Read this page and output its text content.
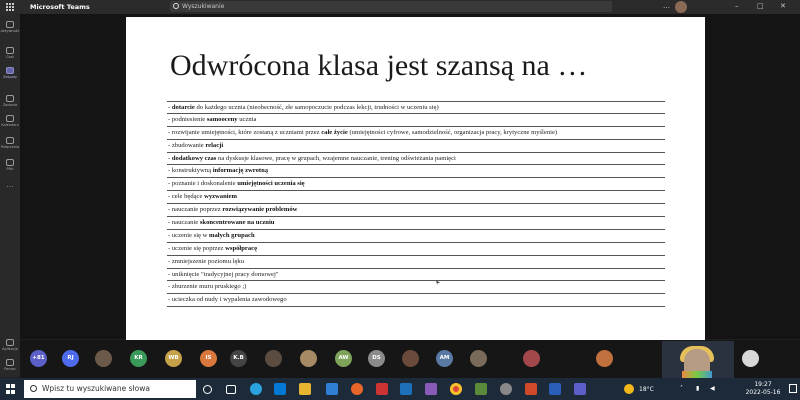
Microsoft Teams	Wyszukiwanie	…	–	□ ✕
Aktywność
Czat
Zespoły
Zadania
Kalendarz
Połączenia
Pliki
…
Aplikacje
Pomoc
Odwrócona klasa jest szansą na …
- dotarcie do każdego ucznia (nieobecność, złe samopoczucie podczas lekcji, trudności w uczeniu się)
- podniesienie samooceny ucznia
- rozwijanie umiejętności, które zostaną z uczniami przez całe życie (umiejętności cyfrowe, samodzielność, organizacja pracy, krytyczne myślenie)
- zbudowanie relacji
- dodatkowy czas na dyskusje klasowe, pracę w grupach, wzajemne nauczanie, trening odświeżania pamięci
- konstruktywną informację zwrotną
- poznanie i doskonalenie umiejętności uczenia się
- cele będące wyzwaniem
- nauczanie poprzez rozwiązywanie problemów
- nauczanie skoncentrowane na uczniu
- uczenie się w małych grupach
- uczenie się poprzez współpracę
- zmniejszenie poziomu lęku
- uniknięcie "tradycyjnej pracy domowej"
- zburzenie muru pruskiego ;)
- ucieczka od nudy i wypalenia zawodowego
+81	RJ	KR	WB	IS	K.B	AW	DS	AM
Wpisz tu wyszukiwane słowa	18°C	˄ ▮ ◀
19:27
2022-05-16
